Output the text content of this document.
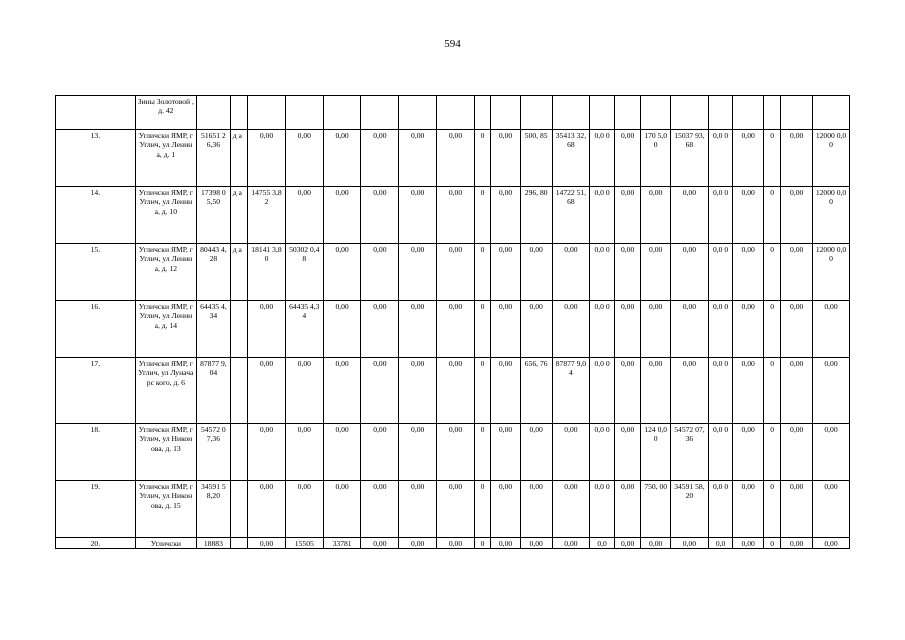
594
	Зины Золотовой , д. 42																					
13.	Угличски ЯМР, г Углич, ул Ленина, д. 1	51651 26,36	д а	0,00	0,00	0,00	0,00	0,00	0,00	0	0,00	500, 85	35413 32,68	0,0 0	0,00	170 5,00	15037 93,68	0,0 0	0,00	0	0,00	12000 0,00
14.	Угличски ЯМР, г Углич, ул Ленина, д. 10	17398 05,50	д а	14755 3,82	0,00	0,00	0,00	0,00	0,00	0	0,00	296, 80	14722 51,68	0,0 0	0,00	0,00	0,00	0,0 0	0,00	0	0,00	12000 0,00
15.	Угличски ЯМР, г Углич, ул Ленина, д. 12	80443 4,28	д а	18141 3,80	50302 0,48	0,00	0,00	0,00	0,00	0	0,00	0,00	0,00	0,0 0	0,00	0,00	0,00	0,0 0	0,00	0	0,00	12000 0,00
16.	Угличски ЯМР, г Углич, ул Ленина, д. 14	64435 4,34		0,00	64435 4,34	0,00	0,00	0,00	0,00	0	0,00	0,00	0,00	0,0 0	0,00	0,00	0,00	0,0 0	0,00	0	0,00	0,00
17.	Угличски ЯМР, г Углич, ул Луначарс кого, д. 6	87877 9,04		0,00	0,00	0,00	0,00	0,00	0,00	0	0,00	656, 76	87877 9,04	0,0 0	0,00	0,00	0,00	0,0 0	0,00	0	0,00	0,00
18.	Угличски ЯМР, г Углич, ул Никонова, д. 13	54572 07,36		0,00	0,00	0,00	0,00	0,00	0,00	0	0,00	0,00	0,00	0,0 0	0,00	124 0,00	54572 07,36	0,0 0	0,00	0	0,00	0,00
19.	Угличски ЯМР, г Углич, ул Никонова, д. 15	34591 58,20		0,00	0,00	0,00	0,00	0,00	0,00	0	0,00	0,00	0,00	0,0 0	0,00	750, 00	34591 58,20	0,0 0	0,00	0	0,00	0,00
20.	Угличски	18883		0,00	15505	33781	0,00	0,00	0,00	0	0,00	0,00	0,00	0,0	0,00	0,00	0,00	0,0	0,00	0	0,00	0,00
